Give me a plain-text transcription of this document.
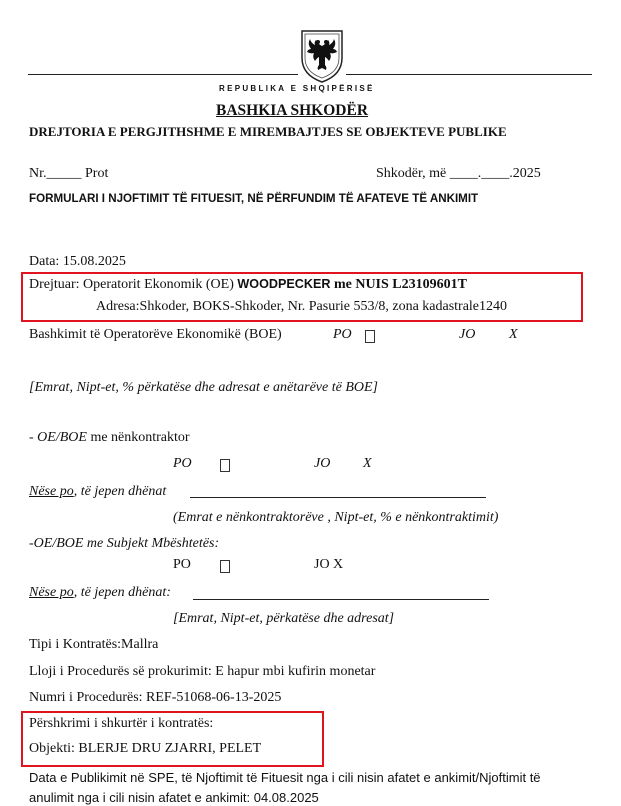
REPUBLIKA E SHQIPËRISË
BASHKIA SHKODËR
DREJTORIA E PERGJITHSHME E MIREMBAJTJES SE OBJEKTEVE PUBLIKE
Nr._____ Prot	Shkodër, më ____.____.2025
FORMULARI I NJOFTIMIT TË FITUESIT, NË PËRFUNDIM TË AFATEVE TË ANKIMIT
Data: 15.08.2025
Drejtuar: Operatorit Ekonomik (OE) WOODPECKER me NUIS L23109601T
Adresa:Shkoder, BOKS-Shkoder, Nr. Pasurie 553/8, zona kadastrale1240
Bashkimit të Operatorëve Ekonomikë (BOE)	PO	JO X
[Emrat, Nipt-et, % përkatëse dhe adresat e anëtarëve të BOE]
- OE/BOE me nënkontraktor
PO	JO X
Nëse po, të jepen dhënat
(Emrat e nënkontraktorëve , Nipt-et, % e nënkontraktimit)
-OE/BOE me Subjekt Mbështetës:
PO	JO X
Nëse po, të jepen dhënat:
[Emrat, Nipt-et, përkatëse dhe adresat]
Tipi i Kontratës:Mallra
Lloji i Procedurës së prokurimit: E hapur mbi kufirin monetar
Numri i Procedurës: REF-51068-06-13-2025
Përshkrimi i shkurtër i kontratës:
Objekti: BLERJE DRU ZJARRI, PELET
Data e Publikimit në SPE, të Njoftimit të Fituesit nga i cili nisin afatet e ankimit/Njoftimit të
anulimit nga i cili nisin afatet e ankimit: 04.08.2025
